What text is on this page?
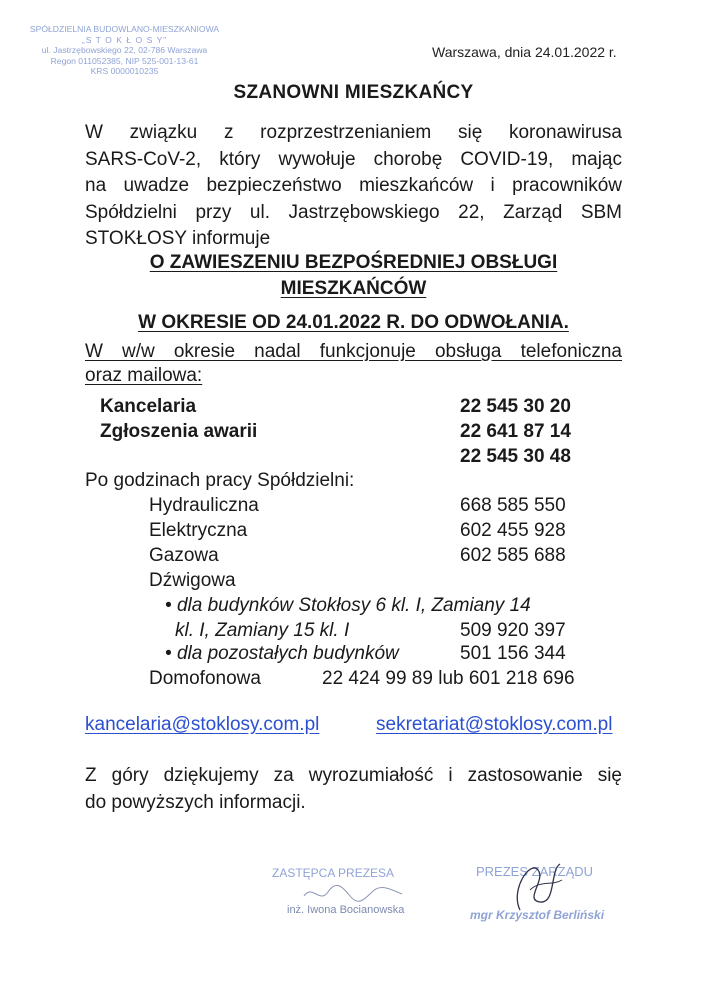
SPÓŁDZIELNIA BUDOWLANO-MIESZKANIOWA
„S T O K Ł O S Y”
ul. Jastrzębowskiego 22, 02-786 Warszawa
Regon 011052385, NIP 525-001-13-61
KRS 0000010235
Warszawa, dnia 24.01.2022 r.
SZANOWNI MIESZKAŃCY
W związku z rozprzestrzenianiem się koronawirusa
SARS-CoV-2, który wywołuje chorobę COVID-19, mając
na uwadze bezpieczeństwo mieszkańców i pracowników
Spółdzielni przy ul. Jastrzębowskiego 22, Zarząd SBM
STOKŁOSY informuje
O ZAWIESZENIU BEZPOŚREDNIEJ OBSŁUGI
MIESZKAŃCÓW
W OKRESIE OD 24.01.2022 R. DO ODWOŁANIA.
W w/w okresie nadal funkcjonuje obsługa telefoniczna
oraz mailowa:
Kancelaria	22 545 30 20
Zgłoszenia awarii	22 641 87 14
22 545 30 48
Po godzinach pracy Spółdzielni:
Hydrauliczna	668 585 550
Elektryczna	602 455 928
Gazowa	602 585 688
Dźwigowa
• dla budynków Stokłosy 6 kl. I, Zamiany 14
kl. I, Zamiany 15 kl. I	509 920 397
• dla pozostałych budynków	501 156 344
Domofonowa	22 424 99 89 lub 601 218 696
kancelaria@stoklosy.com.pl	sekretariat@stoklosy.com.pl
Z góry dziękujemy za wyrozumiałość i zastosowanie się
do powyższych informacji.
ZASTĘPCA PREZESA
inż. Iwona Bocianowska
PREZES ZARZĄDU
mgr Krzysztof Berliński
